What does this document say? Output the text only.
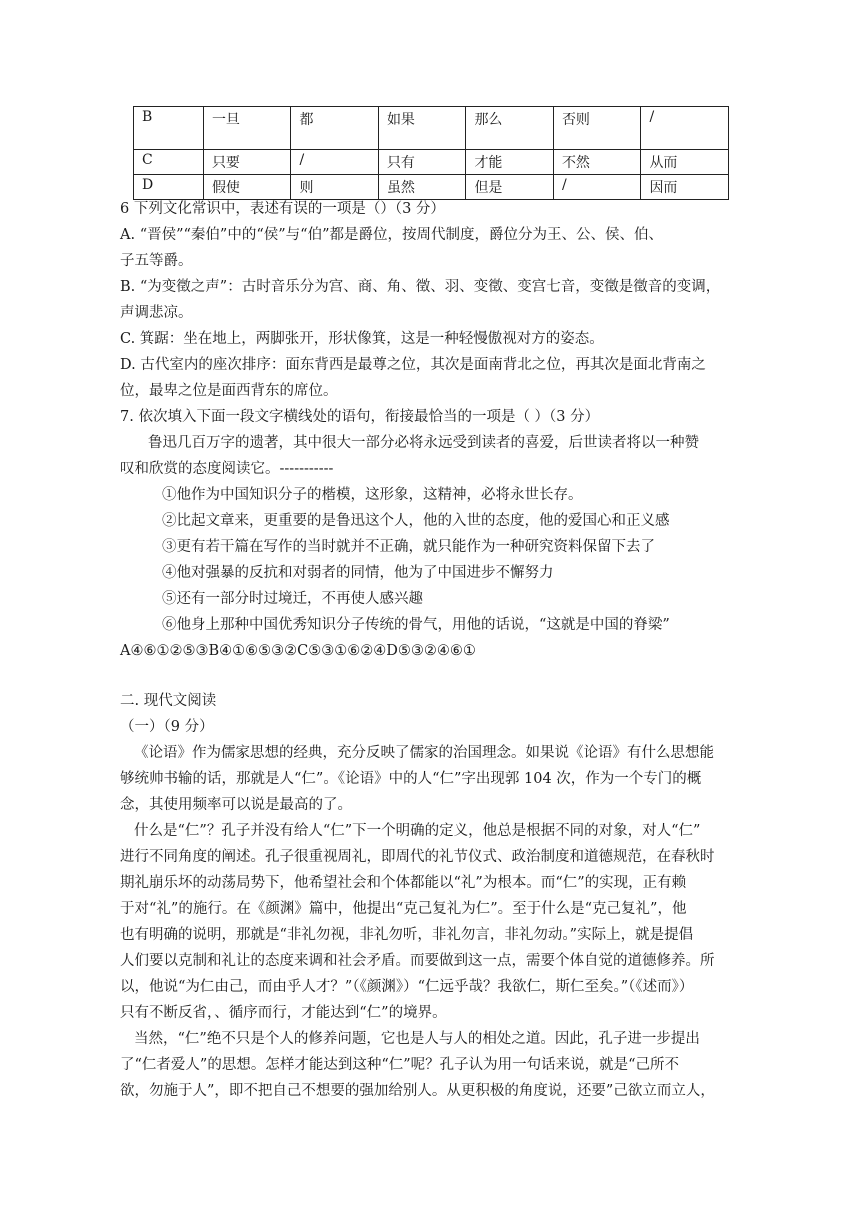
B	一旦	都	如果	那么	否则	/
C	只要	/	只有	才能	不然	从而
D	假使	则	虽然	但是	/	因而
6 下列文化常识中，表述有误的一项是（）（3 分）
A. “晋侯”“秦伯”中的“侯”与“伯”都是爵位，按周代制度，爵位分为王、公、侯、伯、
子五等爵。
B. “为变徵之声”：古时音乐分为宫、商、角、徵、羽、变徵、变宫七音，变徵是徵音的变调，
声调悲凉。
C. 箕踞：坐在地上，两脚张开，形状像箕，这是一种轻慢傲视对方的姿态。
D. 古代室内的座次排序：面东背西是最尊之位，其次是面南背北之位，再其次是面北背南之
位，最卑之位是面西背东的席位。
7. 依次填入下面一段文字横线处的语句，衔接最恰当的一项是（ ）（3 分）
鲁迅几百万字的遗著，其中很大一部分必将永远受到读者的喜爱，后世读者将以一种赞
叹和欣赏的态度阅读它。-----------
①他作为中国知识分子的楷模，这形象，这精神，必将永世长存。
②比起文章来，更重要的是鲁迅这个人，他的入世的态度，他的爱国心和正义感
③更有若干篇在写作的当时就并不正确，就只能作为一种研究资料保留下去了
④他对强暴的反抗和对弱者的同情，他为了中国进步不懈努力
⑤还有一部分时过境迁，不再使人感兴趣
⑥他身上那种中国优秀知识分子传统的骨气，用他的话说，“这就是中国的脊梁”
A④⑥①②⑤③B④①⑥⑤③②C⑤③①⑥②④D⑤③②④⑥①
二. 现代文阅读
（一）（9 分）
《论语》作为儒家思想的经典，充分反映了儒家的治国理念。如果说《论语》有什么思想能
够统帅书输的话，那就是人“仁”。《论语》中的人“仁”字出现郭 104 次，作为一个专门的概
念，其使用频率可以说是最高的了。
什么是“仁”？孔子并没有给人“仁”下一个明确的定义，他总是根据不同的对象，对人“仁”
进行不同角度的阐述。孔子很重视周礼，即周代的礼节仪式、政治制度和道德规范，在春秋时
期礼崩乐坏的动荡局势下，他希望社会和个体都能以“礼”为根本。而“仁”的实现，正有赖
于对“礼”的施行。在《颜渊》篇中，他提出“克己复礼为仁”。至于什么是“克己复礼”，他
也有明确的说明，那就是“非礼勿视，非礼勿听，非礼勿言，非礼勿动。”实际上，就是提倡
人们要以克制和礼让的态度来调和社会矛盾。而要做到这一点，需要个体自觉的道德修养。所
以，他说“为仁由己，而由乎人才？”（《颜渊》）“仁远乎哉？我欲仁，斯仁至矣。”（《述而》）
只有不断反省，、循序而行，才能达到“仁”的境界。
当然，“仁”绝不只是个人的修养问题，它也是人与人的相处之道。因此，孔子进一步提出
了“仁者爱人”的思想。怎样才能达到这种“仁”呢？孔子认为用一句话来说，就是“己所不
欲，勿施于人”，即不把自己不想要的强加给别人。从更积极的角度说，还要”己欲立而立人，
